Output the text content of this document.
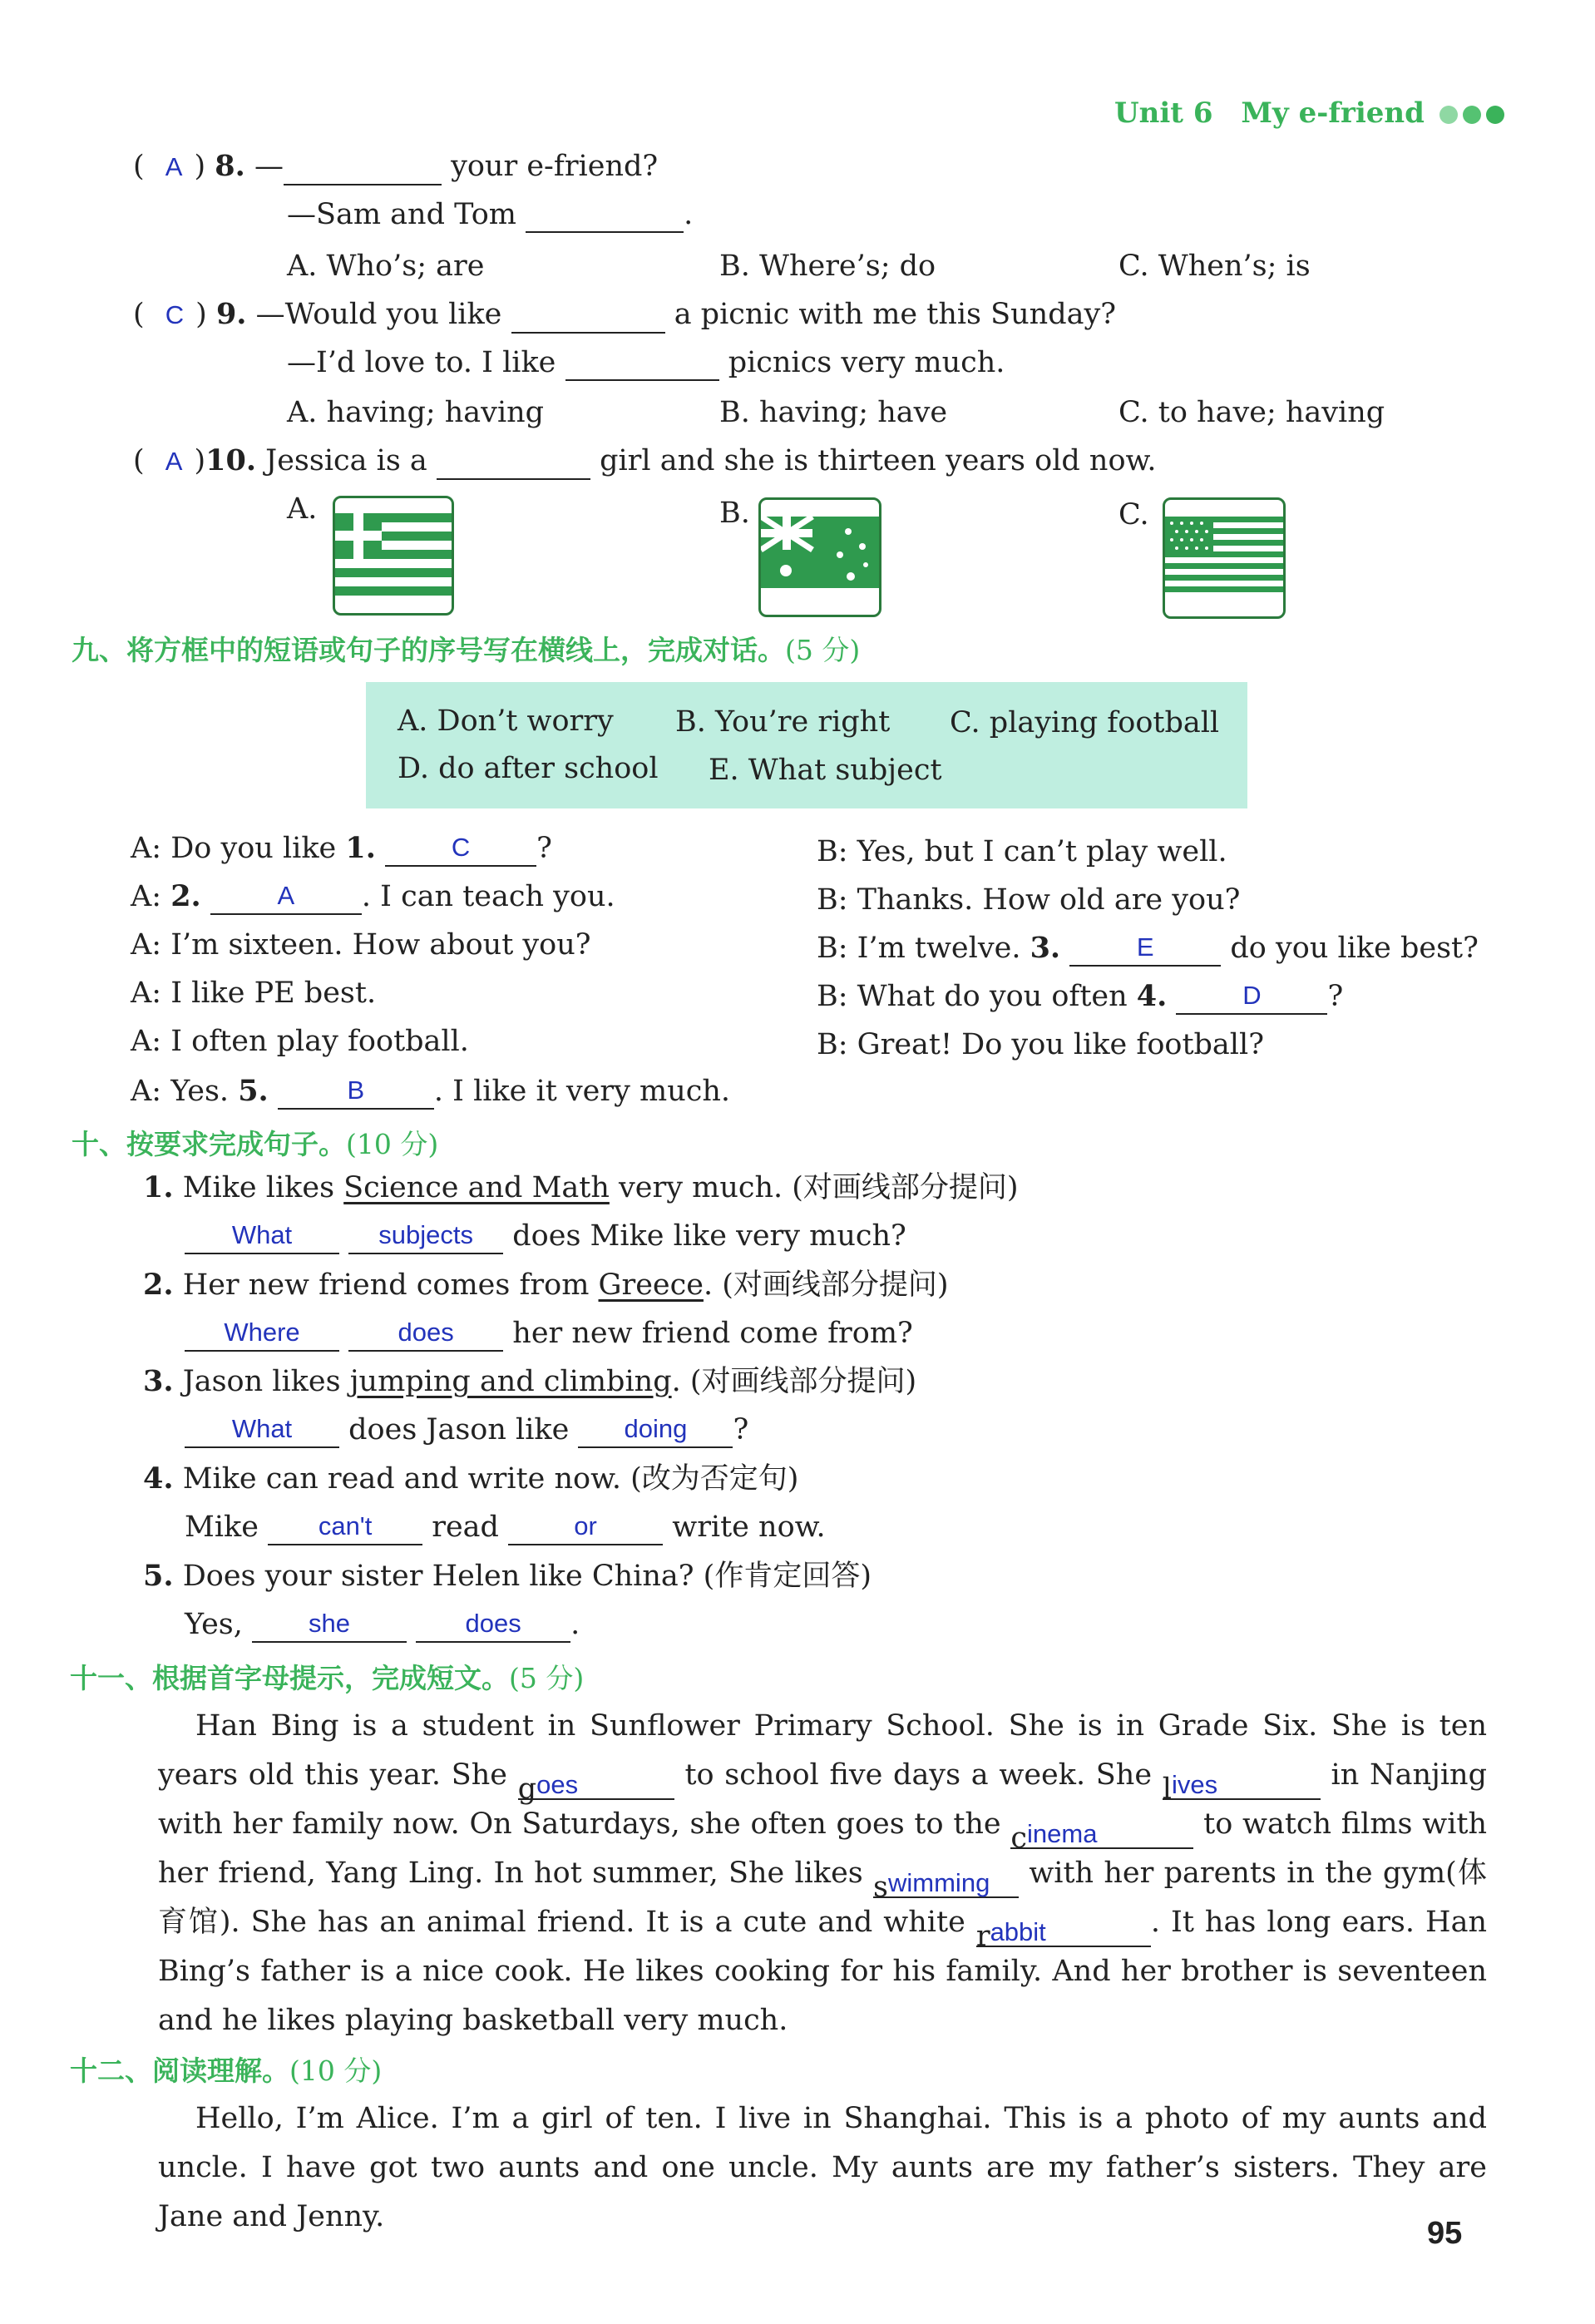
Unit 6 My e-friend
( A ) 8. —	your e-friend?
—Sam and Tom	.
A. Who’s; are	B. Where’s; do	C. When’s; is
( C ) 9. —Would you like	a picnic with me this Sunday?
—I’d love to. I like	picnics very much.
A. having; having	B. having; have	C. to have; having
( A )10. Jessica is a	girl and she is thirteen years old now.
A.	B.	C.
九、将方框中的短语或句子的序号写在横线上，完成对话。(5 分)
A. Don’t worry B. You’re right C. playing football
D. do after school E. What subject
A: Do you like 1.	C ?
A: 2.	A . I can teach you.
A: I’m sixteen. How about you?
A: I like PE best.
A: I often play football.
A: Yes. 5.	B . I like it very much.
B: Yes, but I can’t play well.
B: Thanks. How old are you?
B: I’m twelve. 3.	E	do you like best?
B: What do you often 4.	D ?
B: Great! Do you like football?
十、按要求完成句子。(10 分)
1. Mike likes Science and Math very much. (对画线部分提问)
What	subjects does Mike like very much?
2. Her new friend comes from Greece. (对画线部分提问)
Where	does her new friend come from?
3. Jason likes jumping and climbing. (对画线部分提问)
What does Jason like doing ?
4. Mike can read and write now. (改为否定句)
Mike can't read	or	write now.
5. Does your sister Helen like China? (作肯定回答)
Yes,	she	does .
十一、根据首字母提示，完成短文。(5 分)
Han Bing is a student in Sunflower Primary School. She is in Grade Six. She is ten years old this year. She goes	to school five days a week. She lives	in Nanjing with her family now. On Saturdays, she often goes to the cinema	to watch films with her friend, Yang Ling. In hot summer, She likes swimming with her parents in the gym(体育馆). She has an animal friend. It is a cute and white rabbit	. It has long ears. Han Bing’s father is a nice cook. He likes cooking for his family. And her brother is seventeen and he likes playing basketball very much.
十二、阅读理解。(10 分)
Hello, I’m Alice. I’m a girl of ten. I live in Shanghai. This is a photo of my aunts and uncle. I have got two aunts and one uncle. My aunts are my father’s sisters. They are Jane and Jenny.	95
